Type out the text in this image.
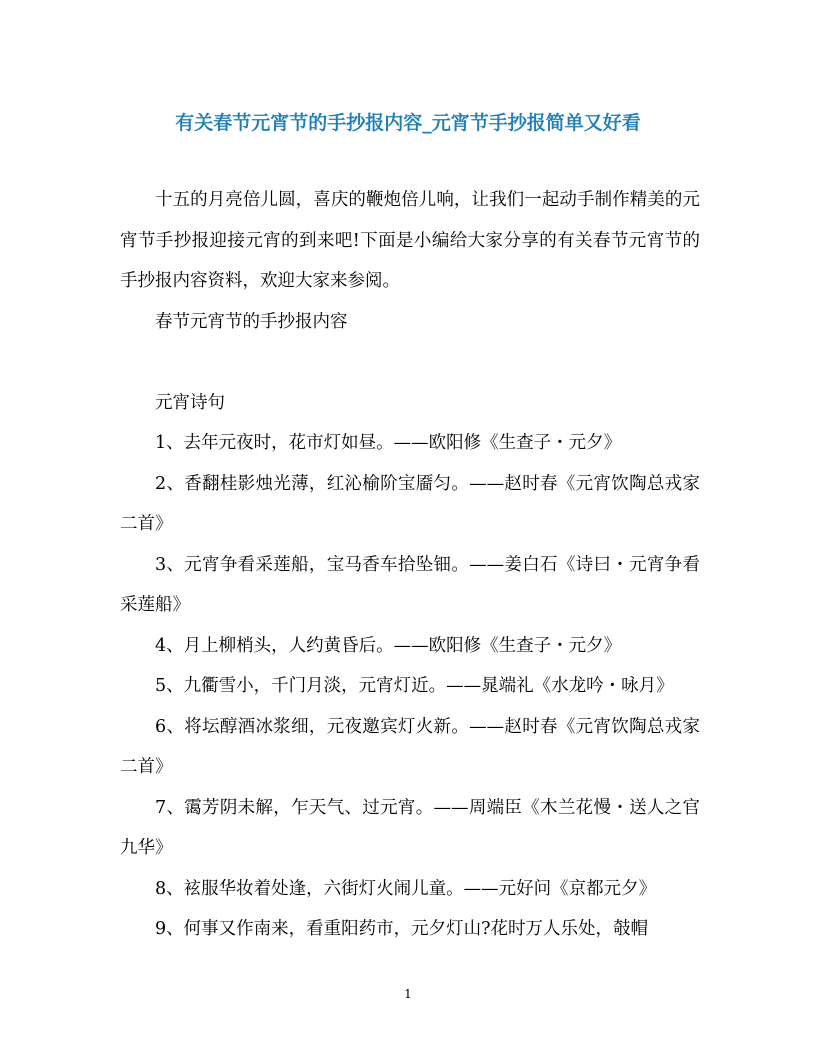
有关春节元宵节的手抄报内容_元宵节手抄报简单又好看

十五的月亮倍儿圆，喜庆的鞭炮倍儿响，让我们一起动手制作精美的元宵节手抄报迎接元宵的到来吧!下面是小编给大家分享的有关春节元宵节的手抄报内容资料，欢迎大家来参阅。

春节元宵节的手抄报内容

元宵诗句

1、去年元夜时，花市灯如昼。——欧阳修《生查子・元夕》

2、香翻桂影烛光薄，红沁榆阶宝靥匀。——赵时春《元宵饮陶总戎家二首》

3、元宵争看采莲船，宝马香车拾坠钿。——姜白石《诗曰・元宵争看采莲船》

4、月上柳梢头，人约黄昏后。——欧阳修《生查子・元夕》

5、九衢雪小，千门月淡，元宵灯近。——晁端礼《水龙吟・咏月》

6、将坛醇酒冰浆细，元夜邀宾灯火新。——赵时春《元宵饮陶总戎家二首》

7、霭芳阴未解，乍天气、过元宵。——周端臣《木兰花慢・送人之官九华》

8、袨服华妆着处逢，六街灯火闹儿童。——元好问《京都元夕》

9、何事又作南来，看重阳药市，元夕灯山?花时万人乐处，攲帽

1
